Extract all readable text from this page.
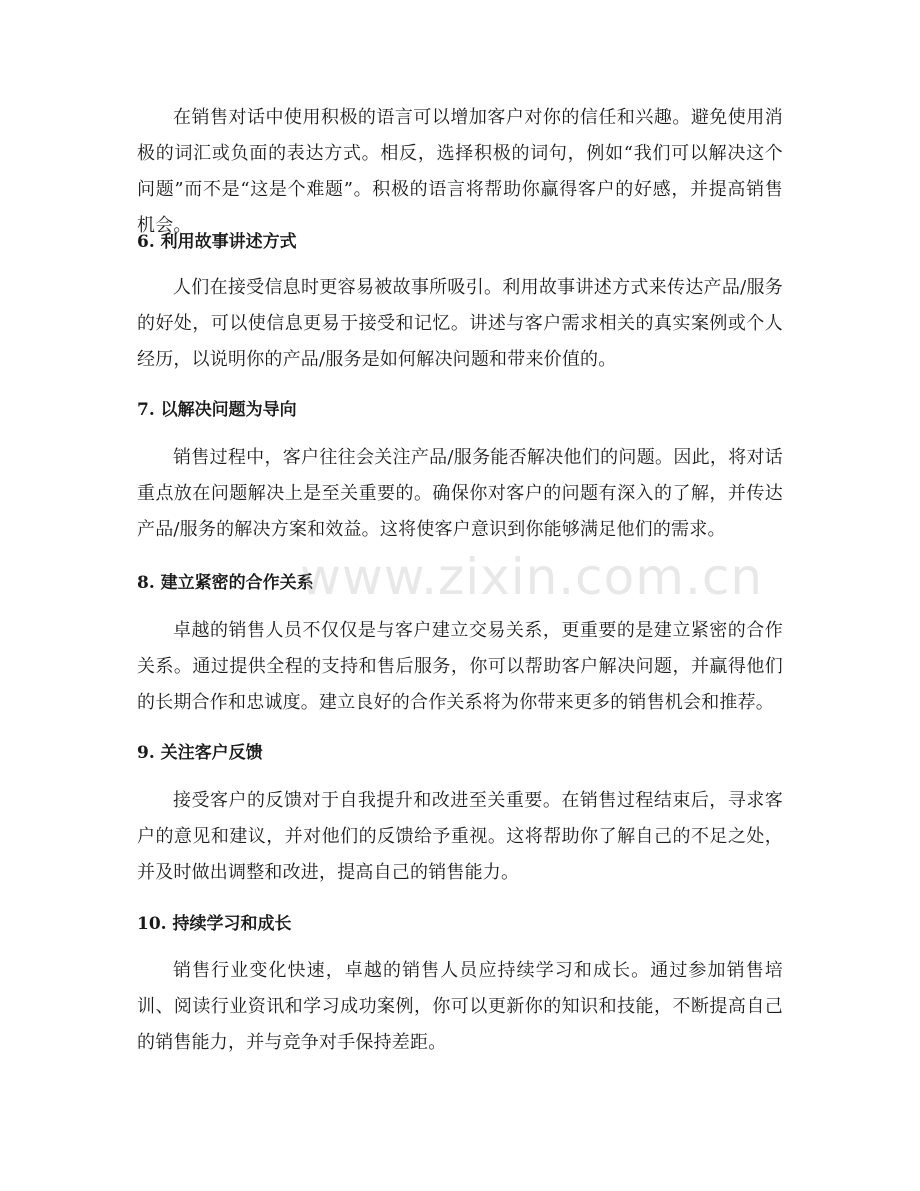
在销售对话中使用积极的语言可以增加客户对你的信任和兴趣。避免使用消极的词汇或负面的表达方式。相反，选择积极的词句，例如“我们可以解决这个问题”而不是“这是个难题”。积极的语言将帮助你赢得客户的好感，并提高销售机会。

6. 利用故事讲述方式

人们在接受信息时更容易被故事所吸引。利用故事讲述方式来传达产品/服务的好处，可以使信息更易于接受和记忆。讲述与客户需求相关的真实案例或个人经历，以说明你的产品/服务是如何解决问题和带来价值的。

7. 以解决问题为导向

销售过程中，客户往往会关注产品/服务能否解决他们的问题。因此，将对话重点放在问题解决上是至关重要的。确保你对客户的问题有深入的了解，并传达产品/服务的解决方案和效益。这将使客户意识到你能够满足他们的需求。

8. 建立紧密的合作关系

卓越的销售人员不仅仅是与客户建立交易关系，更重要的是建立紧密的合作关系。通过提供全程的支持和售后服务，你可以帮助客户解决问题，并赢得他们的长期合作和忠诚度。建立良好的合作关系将为你带来更多的销售机会和推荐。

9. 关注客户反馈

接受客户的反馈对于自我提升和改进至关重要。在销售过程结束后，寻求客户的意见和建议，并对他们的反馈给予重视。这将帮助你了解自己的不足之处，并及时做出调整和改进，提高自己的销售能力。

10. 持续学习和成长

销售行业变化快速，卓越的销售人员应持续学习和成长。通过参加销售培训、阅读行业资讯和学习成功案例，你可以更新你的知识和技能，不断提高自己的销售能力，并与竞争对手保持差距。

www.zixin.com.cn
